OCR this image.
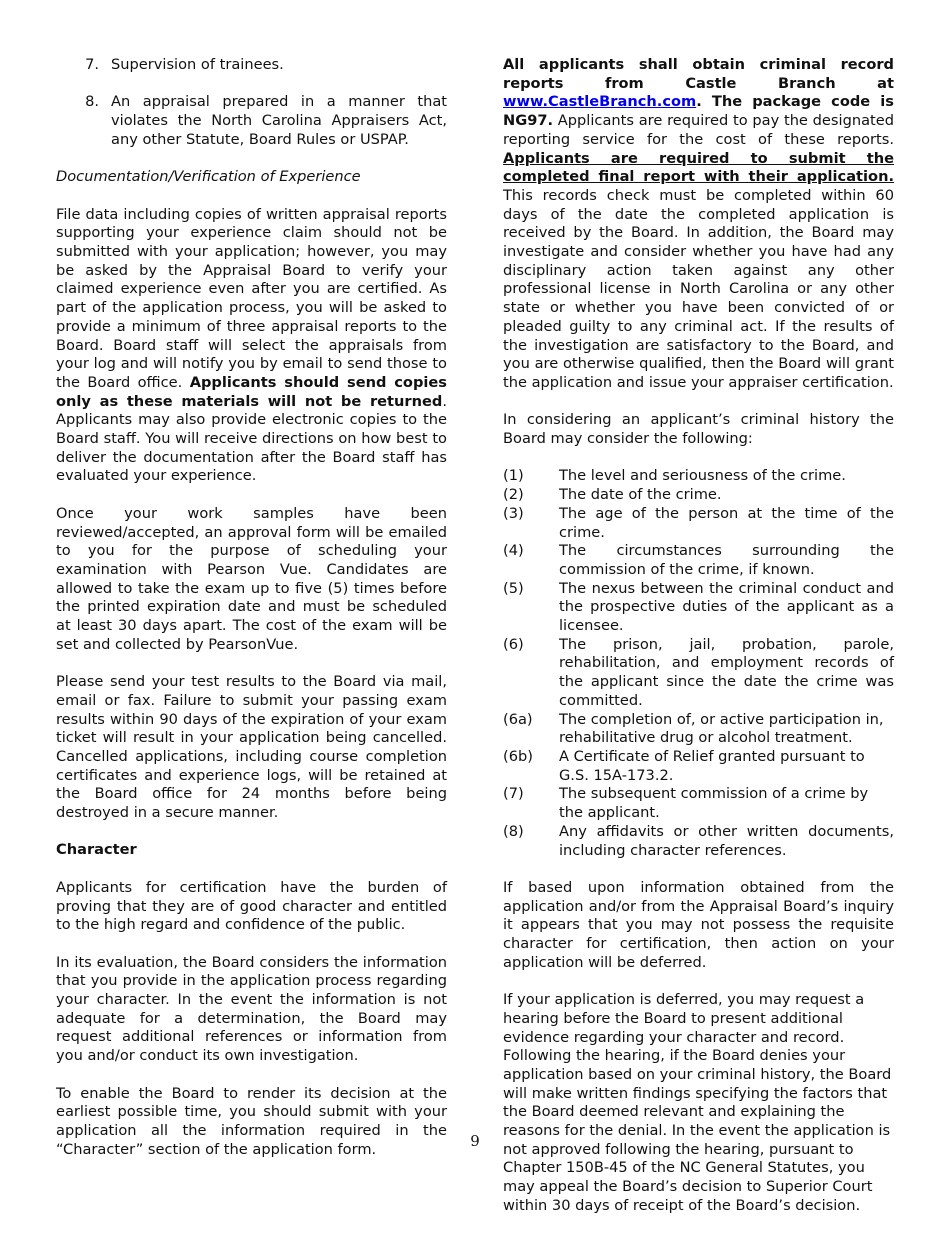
7. Supervision of trainees.
8. An appraisal prepared in a manner that violates the North Carolina Appraisers Act, any other Statute, Board Rules or USPAP.
Documentation/Verification of Experience

File data including copies of written appraisal reports supporting your experience claim should not be submitted with your application; however, you may be asked by the Appraisal Board to verify your claimed experience even after you are certified. As part of the application process, you will be asked to provide a minimum of three appraisal reports to the Board. Board staff will select the appraisals from your log and will notify you by email to send those to the Board office. Applicants should send copies only as these materials will not be returned. Applicants may also provide electronic copies to the Board staff. You will receive directions on how best to deliver the documentation after the Board staff has evaluated your experience.

Once your work samples have been reviewed/accepted, an approval form will be emailed to you for the purpose of scheduling your examination with Pearson Vue. Candidates are allowed to take the exam up to five (5) times before the printed expiration date and must be scheduled at least 30 days apart. The cost of the exam will be set and collected by PearsonVue.

Please send your test results to the Board via mail, email or fax. Failure to submit your passing exam results within 90 days of the expiration of your exam ticket will result in your application being cancelled. Cancelled applications, including course completion certificates and experience logs, will be retained at the Board office for 24 months before being destroyed in a secure manner.

Character

Applicants for certification have the burden of proving that they are of good character and entitled to the high regard and confidence of the public.

In its evaluation, the Board considers the information that you provide in the application process regarding your character. In the event the information is not adequate for a determination, the Board may request additional references or information from you and/or conduct its own investigation.

To enable the Board to render its decision at the earliest possible time, you should submit with your application all the information required in the “Character” section of the application form.

All applicants shall obtain criminal record reports from Castle Branch at www.CastleBranch.com. The package code is NG97. Applicants are required to pay the designated reporting service for the cost of these reports. Applicants are required to submit the completed final report with their application. This records check must be completed within 60 days of the date the completed application is received by the Board. In addition, the Board may investigate and consider whether you have had any disciplinary action taken against any other professional license in North Carolina or any other state or whether you have been convicted of or pleaded guilty to any criminal act. If the results of the investigation are satisfactory to the Board, and you are otherwise qualified, then the Board will grant the application and issue your appraiser certification.

In considering an applicant’s criminal history the Board may consider the following:

(1)	The level and seriousness of the crime.
(2)	The date of the crime.
(3)	The age of the person at the time of the crime.
(4)	The circumstances surrounding the commission of the crime, if known.
(5)	The nexus between the criminal conduct and the prospective duties of the applicant as a licensee.
(6)	The prison, jail, probation, parole, rehabilitation, and employment records of the applicant since the date the crime was committed.
(6a)	The completion of, or active participation in, rehabilitative drug or alcohol treatment.
(6b)	A Certificate of Relief granted pursuant to G.S. 15A-173.2.
(7)	The subsequent commission of a crime by the applicant.
(8)	Any affidavits or other written documents, including character references.

If based upon information obtained from the application and/or from the Appraisal Board’s inquiry it appears that you may not possess the requisite character for certification, then action on your application will be deferred.

If your application is deferred, you may request a hearing before the Board to present additional evidence regarding your character and record. Following the hearing, if the Board denies your application based on your criminal history, the Board will make written findings specifying the factors that the Board deemed relevant and explaining the reasons for the denial. In the event the application is not approved following the hearing, pursuant to Chapter 150B-45 of the NC General Statutes, you may appeal the Board’s decision to Superior Court within 30 days of receipt of the Board’s decision.

9
